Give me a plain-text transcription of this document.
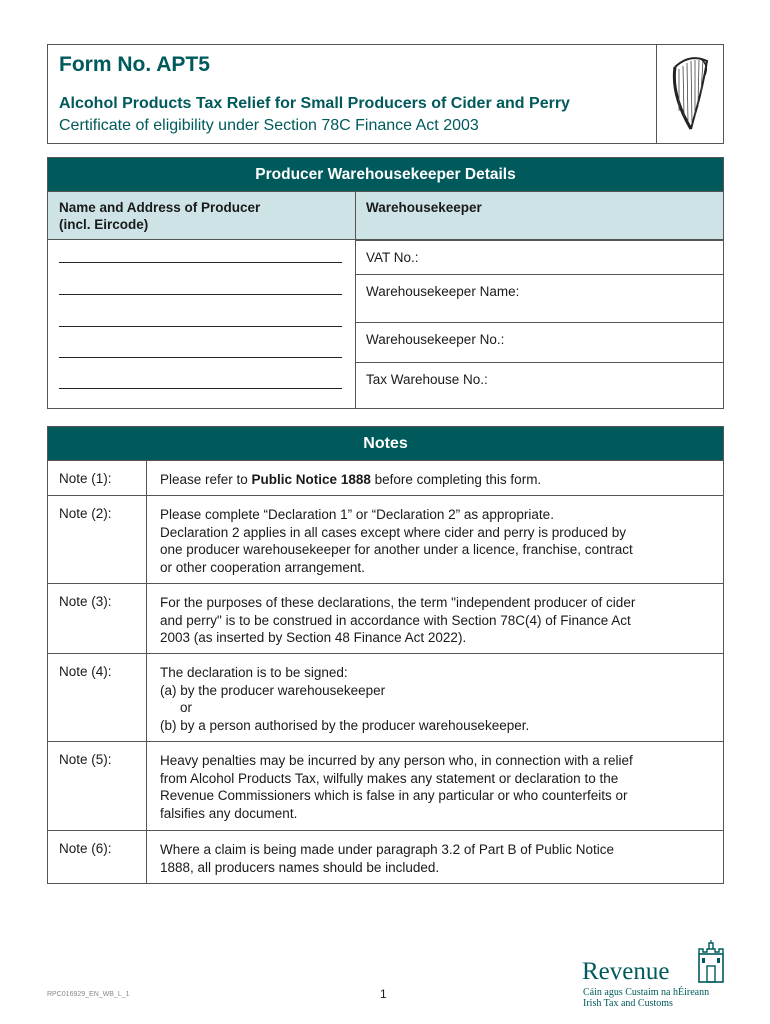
Form No. APT5
Alcohol Products Tax Relief for Small Producers of Cider and Perry
Certificate of eligibility under Section 78C Finance Act 2003
Producer Warehousekeeper Details
Name and Address of Producer
(incl. Eircode)
Warehousekeeper
VAT No.:
Warehousekeeper Name:
Warehousekeeper No.:
Tax Warehouse No.:
Notes
Note (1):	Please refer to Public Notice 1888 before completing this form.
Note (2):	Please complete “Declaration 1” or “Declaration 2” as appropriate.
Declaration 2 applies in all cases except where cider and perry is produced by
one producer warehousekeeper for another under a licence, franchise, contract
or other cooperation arrangement.
Note (3):	For the purposes of these declarations, the term "independent producer of cider
and perry" is to be construed in accordance with Section 78C(4) of Finance Act
2003 (as inserted by Section 48 Finance Act 2022).
Note (4):	The declaration is to be signed:
(a) by the producer warehousekeeper
or
(b) by a person authorised by the producer warehousekeeper.
Note (5):	Heavy penalties may be incurred by any person who, in connection with a relief
from Alcohol Products Tax, wilfully makes any statement or declaration to the
Revenue Commissioners which is false in any particular or who counterfeits or
falsifies any document.
Note (6):	Where a claim is being made under paragraph 3.2 of Part B of Public Notice
1888, all producers names should be included.
RPC016929_EN_WB_L_1	1
Revenue
Cáin agus Custaim na hÉireann
Irish Tax and Customs
